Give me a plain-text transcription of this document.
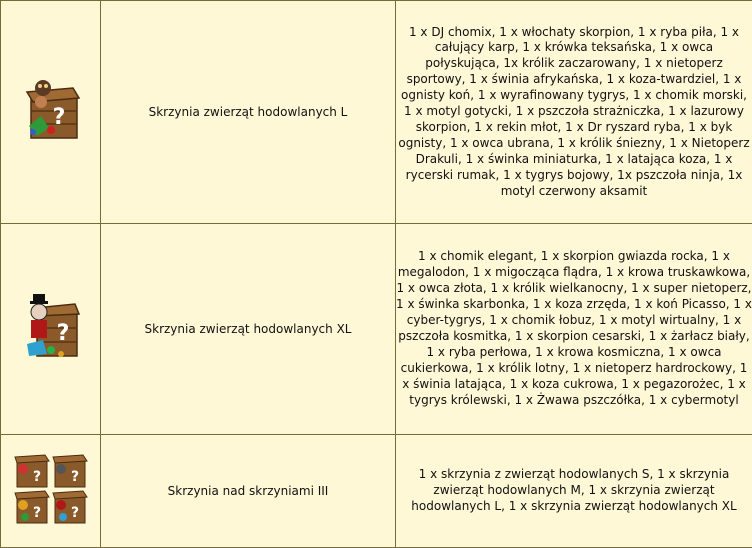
?	Skrzynia zwierząt hodowlanych L	1 x DJ chomix, 1 x włochaty skorpion, 1 x ryba piła, 1 x całujący karp, 1 x krówka teksańska, 1 x owca połyskująca, 1x królik zaczarowany, 1 x nietoperz sportowy, 1 x świnia afrykańska, 1 x koza-twardziel, 1 x ognisty koń, 1 x wyrafinowany tygrys, 1 x chomik morski, 1 x motyl gotycki, 1 x pszczoła strażniczka, 1 x lazurowy skorpion, 1 x rekin młot, 1 x Dr ryszard ryba, 1 x byk ognisty, 1 x owca ubrana, 1 x królik śniezny, 1 x Nietoperz Drakuli, 1 x świnka miniaturka, 1 x latająca koza, 1 x rycerski rumak, 1 x tygrys bojowy, 1x pszczoła ninja, 1x motyl czerwony aksamit

?	Skrzynia zwierząt hodowlanych XL	1 x chomik elegant, 1 x skorpion gwiazda rocka, 1 x megalodon, 1 x migocząca flądra, 1 x krowa truskawkowa, 1 x owca złota, 1 x królik wielkanocny, 1 x super nietoperz, 1 x świnka skarbonka, 1 x koza zrzęda, 1 x koń Picasso, 1 x cyber-tygrys, 1 x chomik łobuz, 1 x motyl wirtualny, 1 x pszczoła kosmitka, 1 x skorpion cesarski, 1 x żarłacz biały, 1 x ryba perłowa, 1 x krowa kosmiczna, 1 x owca cukierkowa, 1 x królik lotny, 1 x nietoperz hardrockowy, 1 x świnia latająca, 1 x koza cukrowa, 1 x pegazorożec, 1 x tygrys królewski, 1 x Żwawa pszczółka, 1 x cybermotyl

? ?
? ?	Skrzynia nad skrzyniami III	1 x skrzynia z zwierząt hodowlanych S, 1 x skrzynia zwierząt hodowlanych M, 1 x skrzynia zwierząt hodowlanych L, 1 x skrzynia zwierząt hodowlanych XL
